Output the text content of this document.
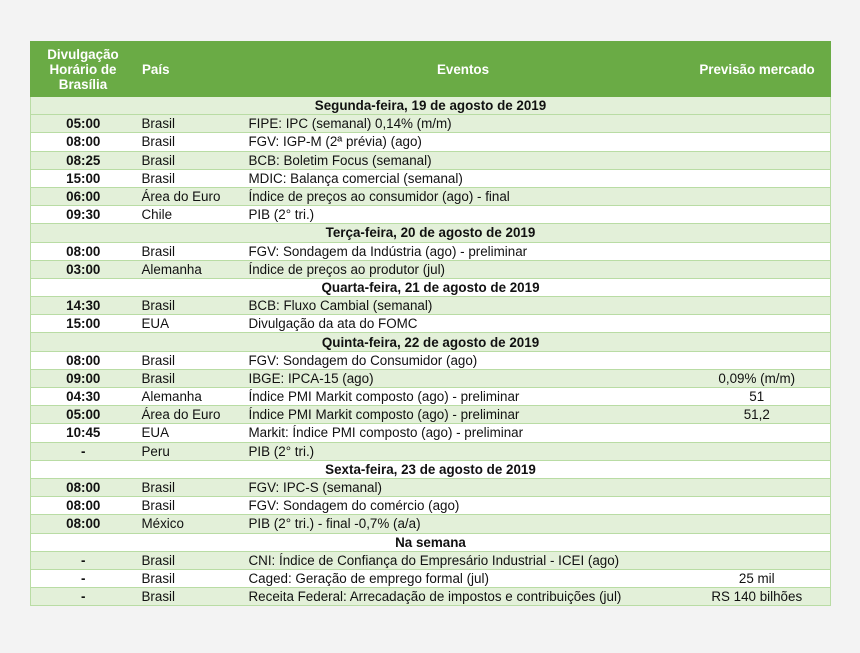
Divulgação
Horário de
Brasília	País	Eventos	Previsão mercado
Segunda-feira, 19 de agosto de 2019			
05:00	Brasil	FIPE: IPC (semanal) 0,14% (m/m)	
08:00	Brasil	FGV: IGP-M (2ª prévia) (ago)	
08:25	Brasil	BCB: Boletim Focus (semanal)	
15:00	Brasil	MDIC: Balança comercial (semanal)	
06:00	Área do Euro	Índice de preços ao consumidor (ago) - final	
09:30	Chile	PIB (2° tri.)	
Terça-feira, 20 de agosto de 2019			
08:00	Brasil	FGV: Sondagem da Indústria (ago) - preliminar	
03:00	Alemanha	Índice de preços ao produtor (jul)	
Quarta-feira, 21 de agosto de 2019			
14:30	Brasil	BCB: Fluxo Cambial (semanal)	
15:00	EUA	Divulgação da ata do FOMC	
Quinta-feira, 22 de agosto de 2019			
08:00	Brasil	FGV: Sondagem do Consumidor (ago)	
09:00	Brasil	IBGE: IPCA-15 (ago)	0,09% (m/m)
04:30	Alemanha	Índice PMI Markit composto (ago) - preliminar	51
05:00	Área do Euro	Índice PMI Markit composto (ago) - preliminar	51,2
10:45	EUA	Markit: Índice PMI composto (ago) - preliminar	
-	Peru	PIB (2° tri.)	
Sexta-feira, 23 de agosto de 2019			
08:00	Brasil	FGV: IPC-S (semanal)	
08:00	Brasil	FGV: Sondagem do comércio (ago)	
08:00	México	PIB (2° tri.) - final -0,7% (a/a)	
Na semana			
-	Brasil	CNI: Índice de Confiança do Empresário Industrial - ICEI (ago)	
-	Brasil	Caged: Geração de emprego formal (jul)	25 mil
-	Brasil	Receita Federal: Arrecadação de impostos e contribuições (jul)	RS 140 bilhões
